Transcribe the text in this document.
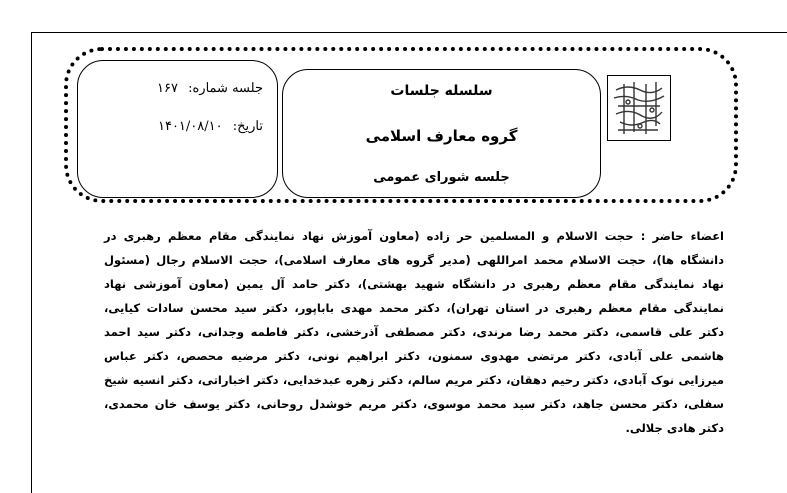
جلسه شماره: ۱۶۷
تاریخ: ۱۴۰۱/۰۸/۱۰
سلسله جلسات
گروه معارف اسلامی
جلسه شورای عمومی
اعضاء حاضر : حجت الاسلام و المسلمین حر زاده (معاون آموزش نهاد نمایندگی مقام معظم رهبری در
دانشگاه ها)، حجت الاسلام محمد امراللهی (مدیر گروه های معارف اسلامی)، حجت الاسلام رجال (مسئول
نهاد نمایندگی مقام معظم رهبری در دانشگاه شهید بهشتی)، دکتر حامد آل یمین (معاون آموزشی نهاد
نمایندگی مقام معظم رهبری در استان تهران)، دکتر محمد مهدی باباپور، دکتر سید محسن سادات کیایی،
دکتر علی قاسمی، دکتر محمد رضا مرندی، دکتر مصطفی آذرخشی، دکتر فاطمه وجدانی، دکتر سید احمد
هاشمی علی آبادی، دکتر مرتضی مهدوی سمنون، دکتر ابراهیم نونی، دکتر مرضیه محصص، دکتر عباس
میرزایی نوک آبادی، دکتر رحیم دهقان، دکتر مریم سالم، دکتر زهره عبدخدایی، دکتر اخباراتی، دکتر انسیه شیخ
سفلی، دکتر محسن جاهد، دکتر سید محمد موسوی، دکتر مریم خوشدل روحانی، دکتر یوسف خان محمدی،
دکتر هادی جلالی.
